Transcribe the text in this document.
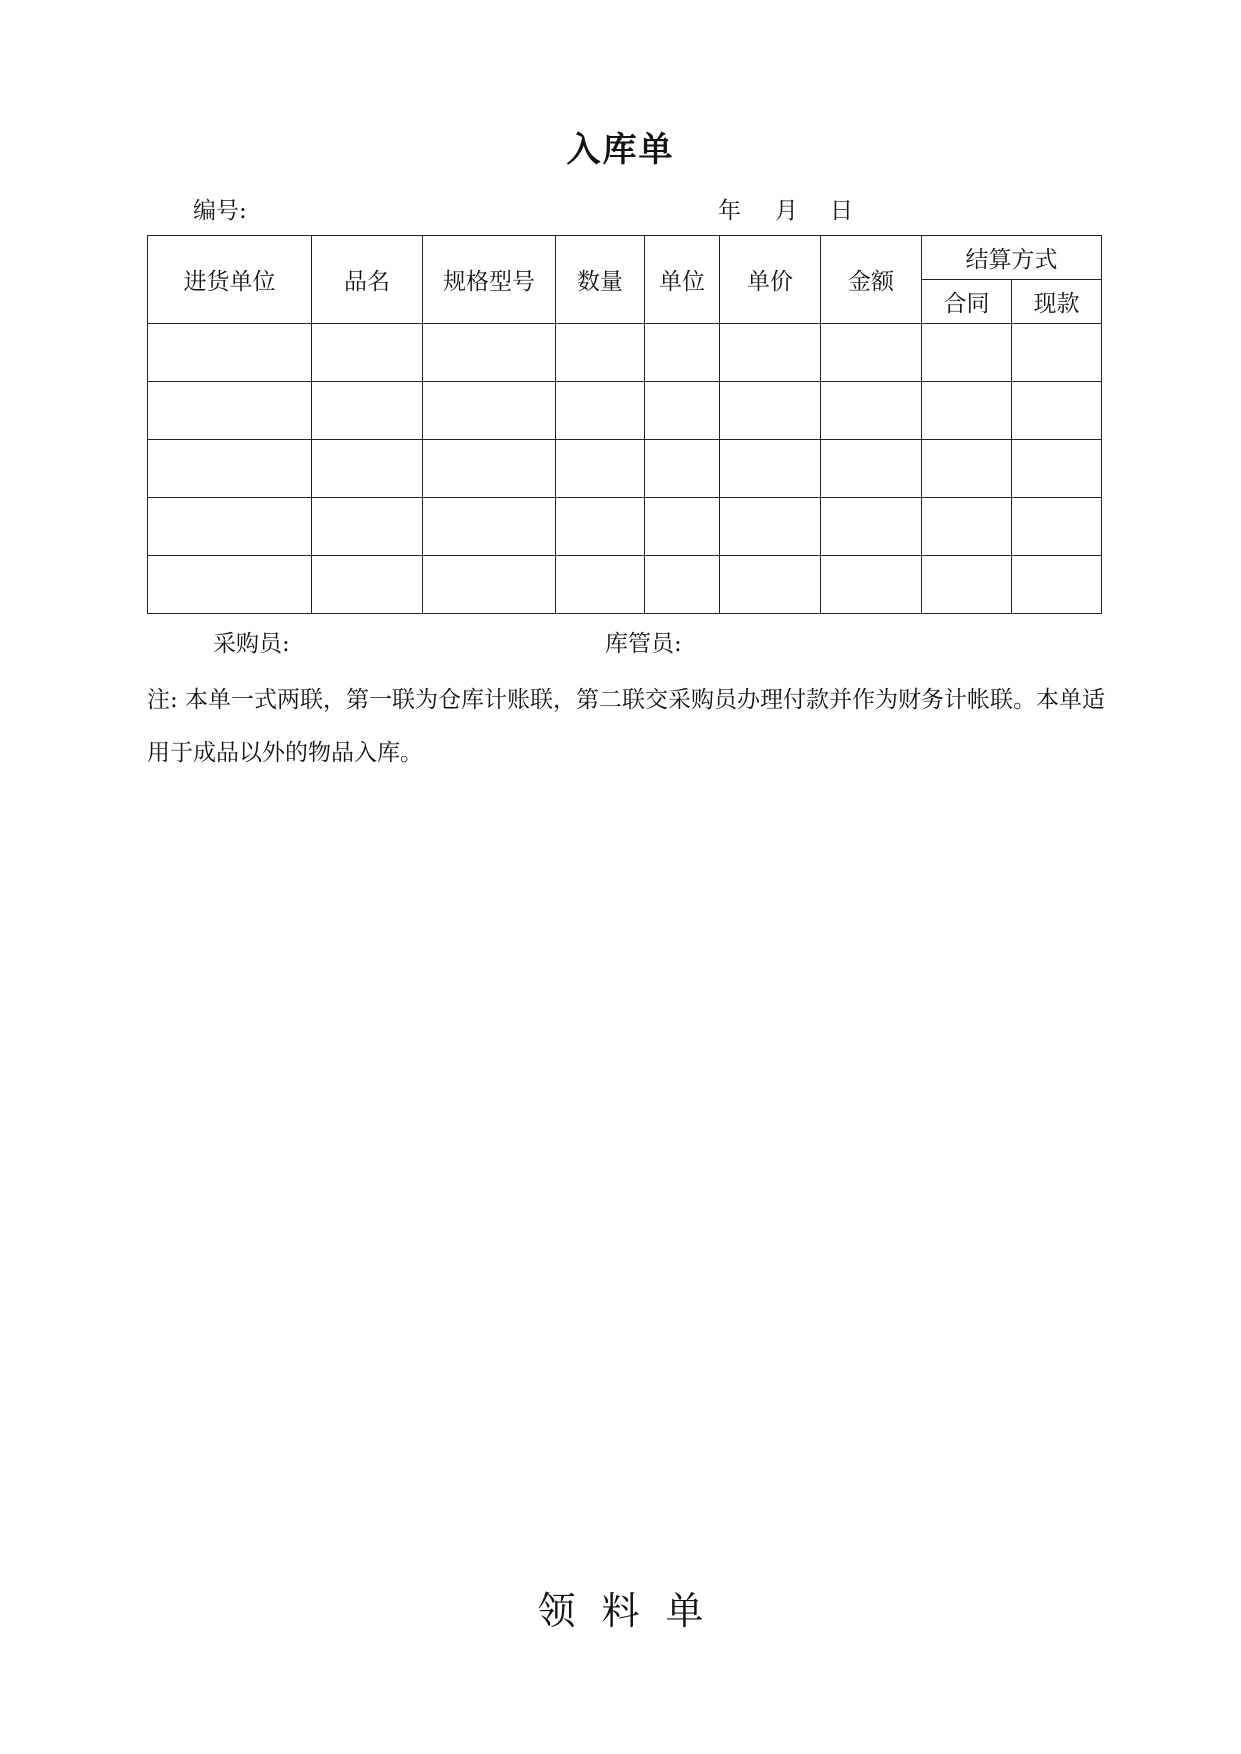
入库单
编号:	年 月 日
进货单位	品名	规格型号	数量	单位	单价	金额	结算方式	
							合同	现款

采购员:	库管员:
注: 本单一式两联，第一联为仓库计账联，第二联交采购员办理付款并作为财务计帐联。本单适用于成品以外的物品入库。
领料单
